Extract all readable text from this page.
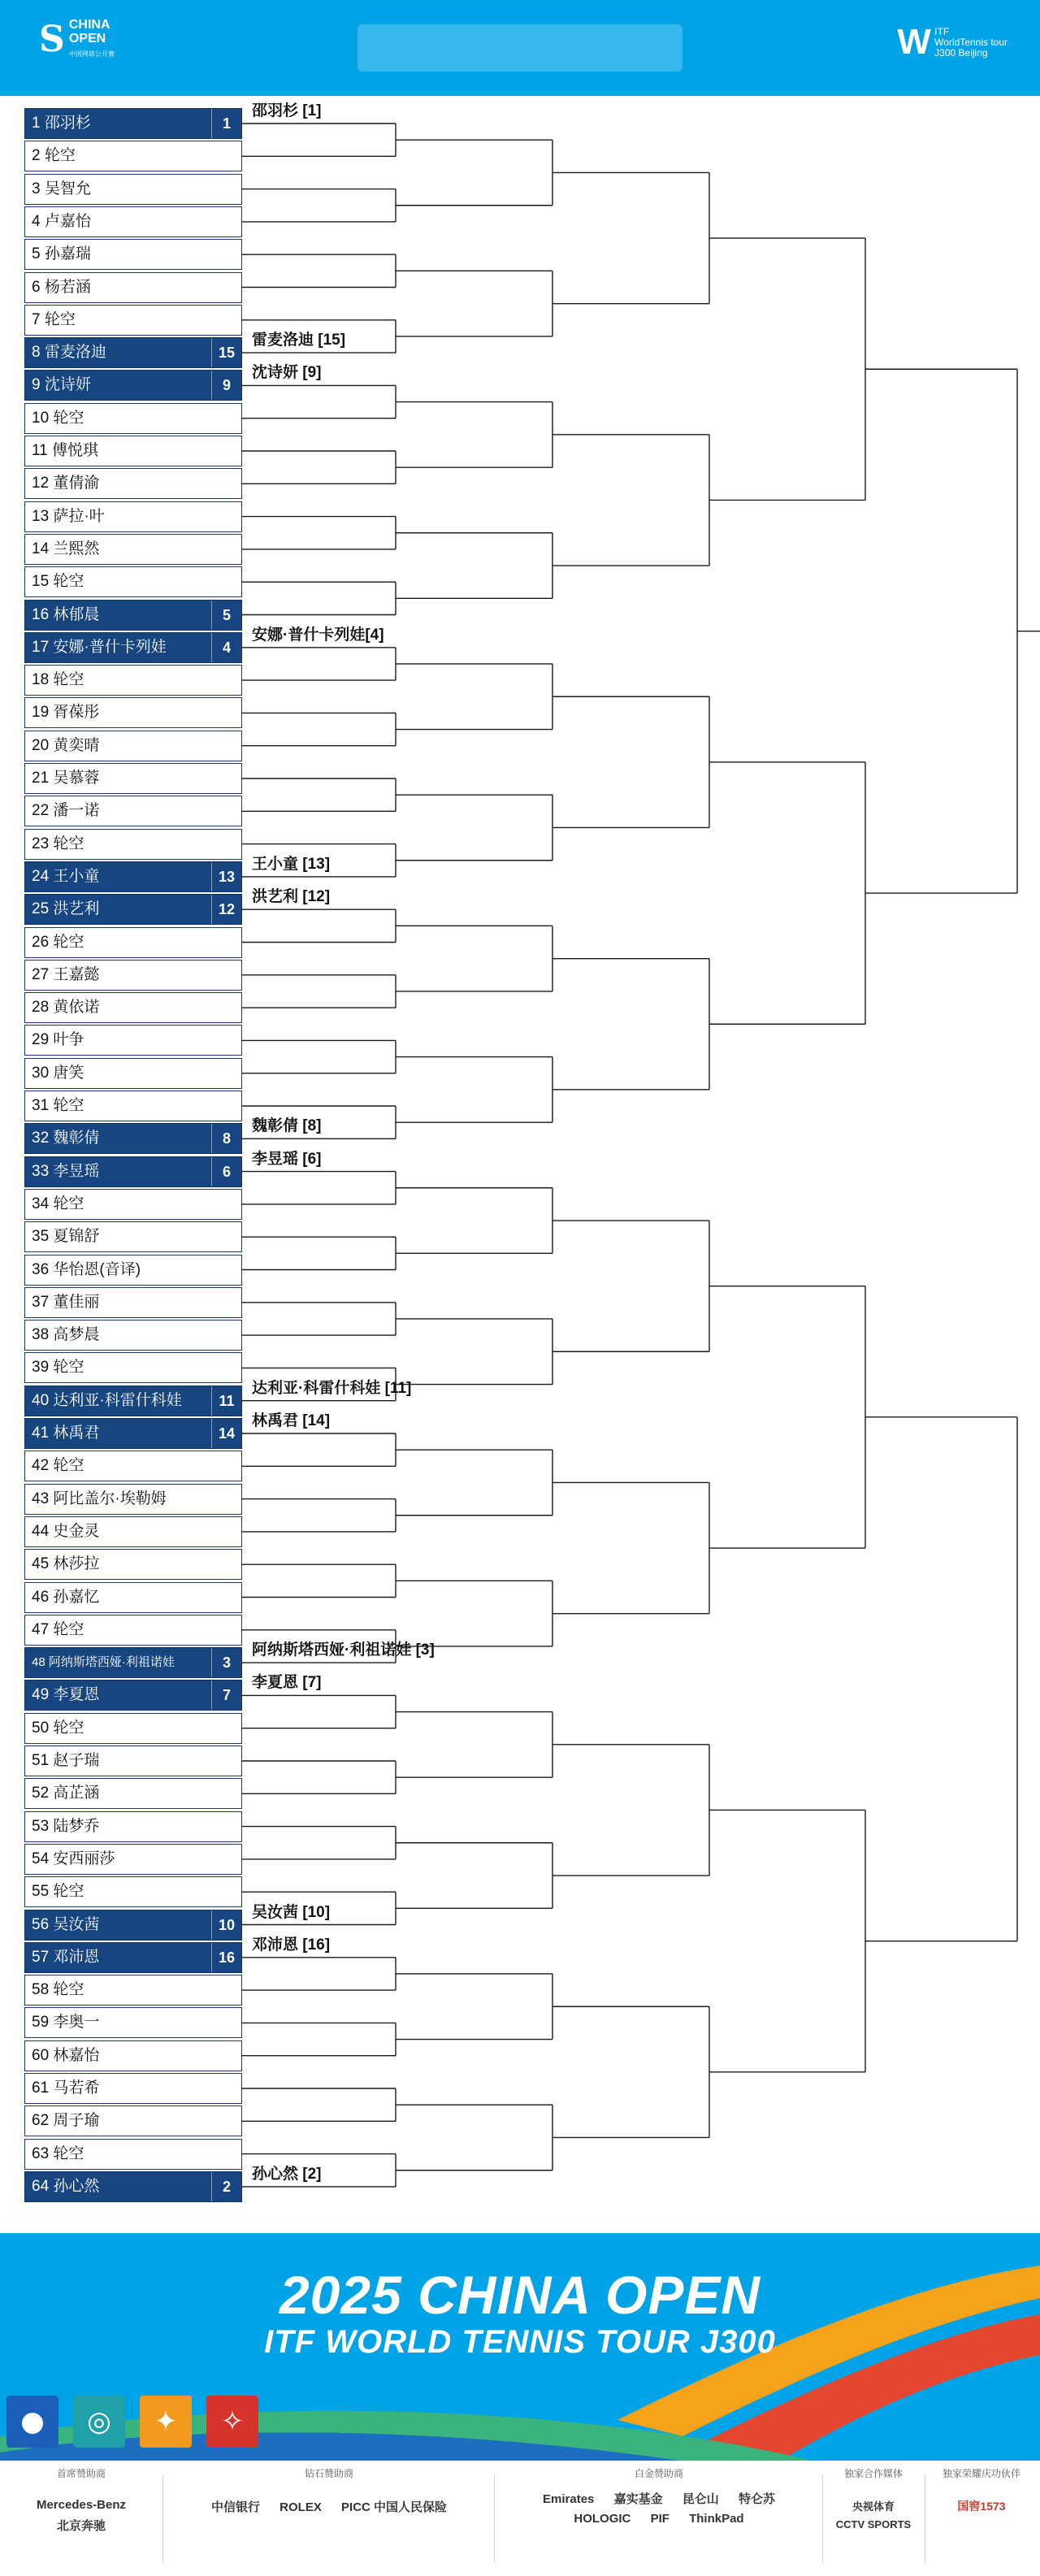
S CHINA
OPEN
中国网球公开赛	W ITF
WorldTennis tour
J300 Beijing
1 邵羽杉	1
2 轮空
3 吴智允
4 卢嘉怡
5 孙嘉瑞
6 杨若涵
7 轮空
8 雷麦洛迪	15
9 沈诗妍	9
10 轮空
11 傅悦琪
12 董倩渝
13 萨拉·叶
14 兰熙然
15 轮空
16 林郁晨	5
17 安娜·普什卡列娃	4
18 轮空
19 胥葆彤
20 黄奕晴
21 吴慕蓉
22 潘一诺
23 轮空
24 王小童	13
25 洪艺利	12
26 轮空
27 王嘉懿
28 黄依诺
29 叶争
30 唐笑
31 轮空
32 魏彰倩	8
33 李昱瑶	6
34 轮空
35 夏锦舒
36 华怡恩(音译)
37 董佳丽
38 高梦晨
39 轮空
40 达利亚·科雷什科娃	11
41 林禹君	14
42 轮空
43 阿比盖尔·埃勒姆
44 史金灵
45 林莎拉
46 孙嘉忆
47 轮空
48 阿纳斯塔西娅·利祖诺娃	3
49 李夏恩	7
50 轮空
51 赵子瑞
52 高芷涵
53 陆梦乔
54 安西丽莎
55 轮空
56 吴汝茜	10
57 邓沛恩	16
58 轮空
59 李奥一
60 林嘉怡
61 马若希
62 周子瑜
63 轮空
64 孙心然	2
邵羽杉 [1]
雷麦洛迪 [15]
沈诗妍 [9]
安娜·普什卡列娃[4]
王小童 [13]
洪艺利 [12]
魏彰倩 [8]
李昱瑶 [6]
达利亚·科雷什科娃 [11]
林禹君 [14]
阿纳斯塔西娅·利祖诺娃 [3]
李夏恩 [7]
吴汝茜 [10]
邓沛恩 [16]
孙心然 [2]
2025 CHINA OPEN
ITF WORLD TENNIS TOUR J300
●	◎	✦	✧
首席赞助商
Mercedes-Benz
北京奔驰
钻石赞助商
中信银行 ROLEX PICC 中国人民保险
白金赞助商
Emirates 嘉实基金 昆仑山 特仑苏
HOLOGIC PIF ThinkPad
独家合作媒体
央视体育
CCTV SPORTS
独家荣耀庆功伙伴
国窖1573
